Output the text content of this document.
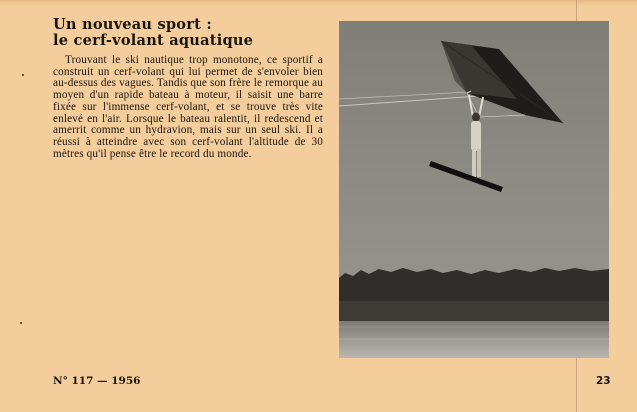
Un nouveau sport :
le cerf-volant aquatique

Trouvant le ski nautique trop monotone, ce sportif a construit un cerf-volant qui lui permet de s'envoler bien au-dessus des vagues. Tandis que son frère le remorque au moyen d'un rapide bateau à moteur, il saisit une barre fixée sur l'immense cerf-volant, et se trouve très vite enlevé en l'air. Lorsque le bateau ralentit, il redescend et amerrit comme un hydravion, mais sur un seul ski. Il a réussi à atteindre avec son cerf-volant l'altitude de 30 mètres qu'il pense être le record du monde.

N° 117 — 1956	23
